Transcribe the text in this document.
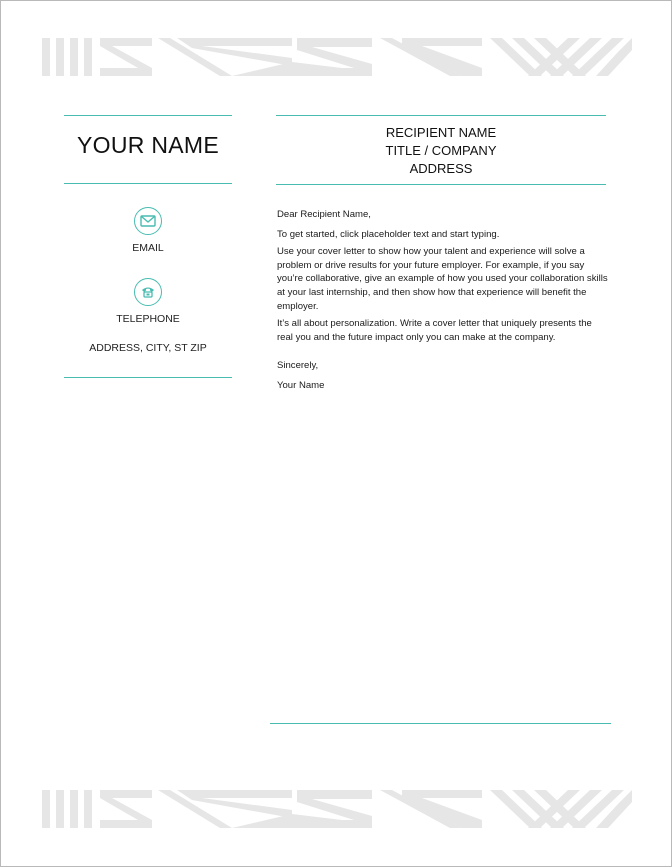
YOUR NAME
EMAIL
TELEPHONE
ADDRESS, CITY, ST ZIP
RECIPIENT NAME
TITLE / COMPANY
ADDRESS

Dear Recipient Name,

To get started, click placeholder text and start typing.

Use your cover letter to show how your talent and experience will solve a problem or drive results for your future employer. For example, if you say you’re collaborative, give an example of how you used your collaboration skills at your last internship, and then show how that experience will benefit the employer.

It’s all about personalization. Write a cover letter that uniquely presents the real you and the future impact only you can make at the company.

Sincerely,

Your Name
